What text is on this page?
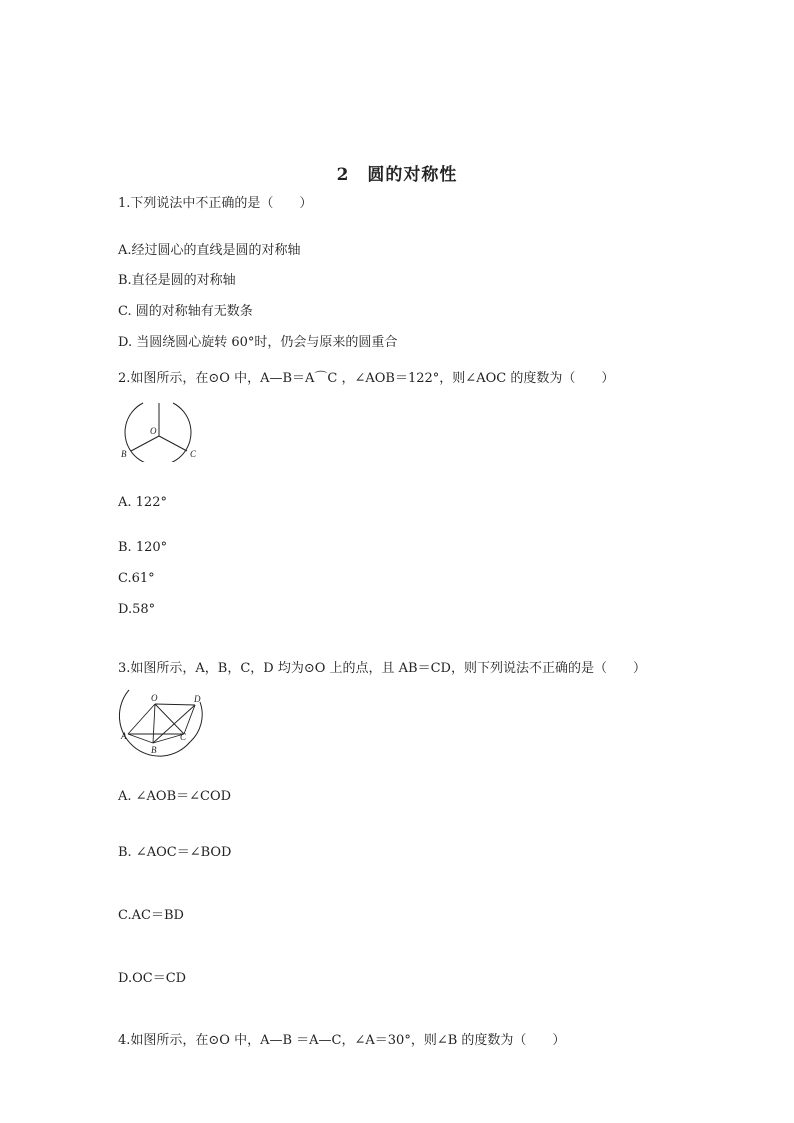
2　圆的对称性
1.下列说法中不正确的是（　　）
A.经过圆心的直线是圆的对称轴
B.直径是圆的对称轴
C. 圆的对称轴有无数条
D. 当圆绕圆心旋转 60°时，仍会与原来的圆重合
2.如图所示，在⊙O 中，A—B＝A⌒C ，∠AOB＝122°，则∠AOC 的度数为（　　）
O
B	C
A. 122°
B. 120°
C.61°
D.58°
3.如图所示，A，B，C，D 均为⊙O 上的点，且 AB＝CD，则下列说法不正确的是（　　）
O	D
A	C
B
A. ∠AOB＝∠COD
B. ∠AOC＝∠BOD
C.AC＝BD
D.OC＝CD
4.如图所示，在⊙O 中，A—B ＝A—C，∠A＝30°，则∠B 的度数为（　　）
